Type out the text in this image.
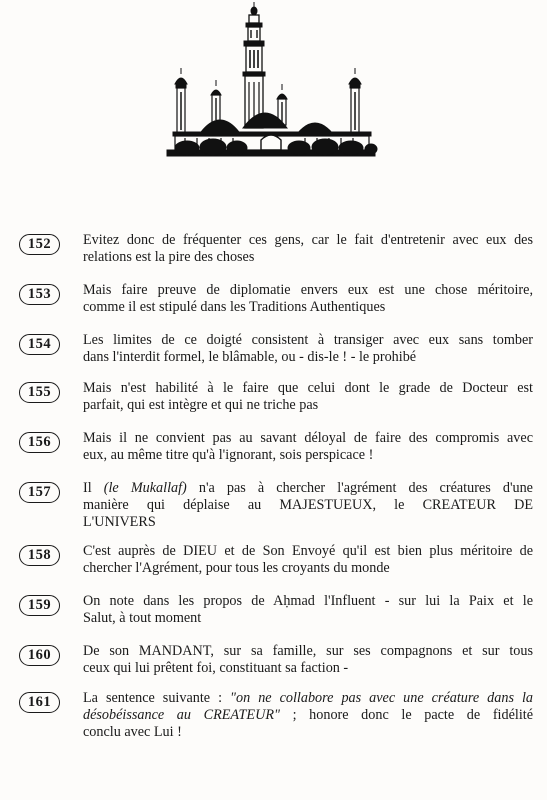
152	Evitez donc de fréquenter ces gens, car le fait d'entretenir avec eux des
relations est la pire des choses
153	Mais faire preuve de diplomatie envers eux est une chose méritoire,
comme il est stipulé dans les Traditions Authentiques
154	Les limites de ce doigté consistent à transiger avec eux sans tomber
dans l'interdit formel, le blâmable, ou - dis-le ! - le prohibé
155	Mais n'est habilité à le faire que celui dont le grade de Docteur est
parfait, qui est intègre et qui ne triche pas
156	Mais il ne convient pas au savant déloyal de faire des compromis avec
eux, au même titre qu'à l'ignorant, sois perspicace !
157	Il (le Mukallaf) n'a pas à chercher l'agrément des créatures d'une
manière qui déplaise au MAJESTUEUX, le CREATEUR DE
L'UNIVERS
158	C'est auprès de DIEU et de Son Envoyé qu'il est bien plus méritoire de
chercher l'Agrément, pour tous les croyants du monde
159	On note dans les propos de Aḥmad l'Influent - sur lui la Paix et le
Salut, à tout moment
160	De son MANDANT, sur sa famille, sur ses compagnons et sur tous
ceux qui lui prêtent foi, constituant sa faction -
161	La sentence suivante : "on ne collabore pas avec une créature dans la
désobéissance au CREATEUR" ; honore donc le pacte de fidélité
conclu avec Lui !
